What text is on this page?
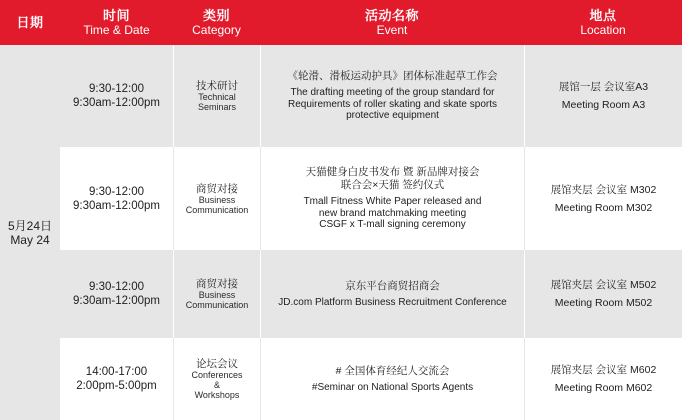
日期	时间
Time & Date
类别
Category
活动名称
Event
地点
Location
5月24日
May 24
9:30-12:00
9:30am-12:00pm
技术研讨
Technical
Seminars
《轮滑、滑板运动护具》团体标准起草工作会
The drafting meeting of the group standard for
Requirements of roller skating and skate sports
protective equipment
展馆一层 会议室A3
Meeting Room A3
9:30-12:00
9:30am-12:00pm
商贸对接
Business
Communication
天猫健身白皮书发布 暨 新品牌对接会
联合会×天猫 签约仪式
Tmall Fitness White Paper released and
new brand matchmaking meeting
CSGF x T-mall signing ceremony
展馆夹层 会议室 M302
Meeting Room M302
9:30-12:00
9:30am-12:00pm
商贸对接
Business
Communication
京东平台商贸招商会
JD.com Platform Business Recruitment Conference
展馆夹层 会议室 M502
Meeting Room M502
14:00-17:00
2:00pm-5:00pm
论坛会议
Conferences
&
Workshops
# 全国体育经纪人交流会
#Seminar on National Sports Agents
展馆夹层 会议室 M602
Meeting Room M602
